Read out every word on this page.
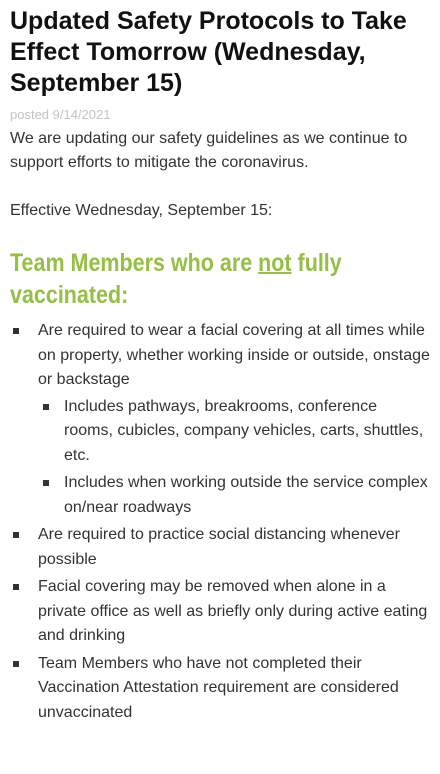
Updated Safety Protocols to Take Effect Tomorrow (Wednesday, September 15)
posted 9/14/2021

We are updating our safety guidelines as we continue to support efforts to mitigate the coronavirus.

Effective Wednesday, September 15:

Team Members who are not fully vaccinated:
Are required to wear a facial covering at all times while on property, whether working inside or outside, onstage or backstage
Includes pathways, breakrooms, conference rooms, cubicles, company vehicles, carts, shuttles, etc.
Includes when working outside the service complex on/near roadways
Are required to practice social distancing whenever possible
Facial covering may be removed when alone in a private office as well as briefly only during active eating and drinking
Team Members who have not completed their Vaccination Attestation requirement are considered unvaccinated
